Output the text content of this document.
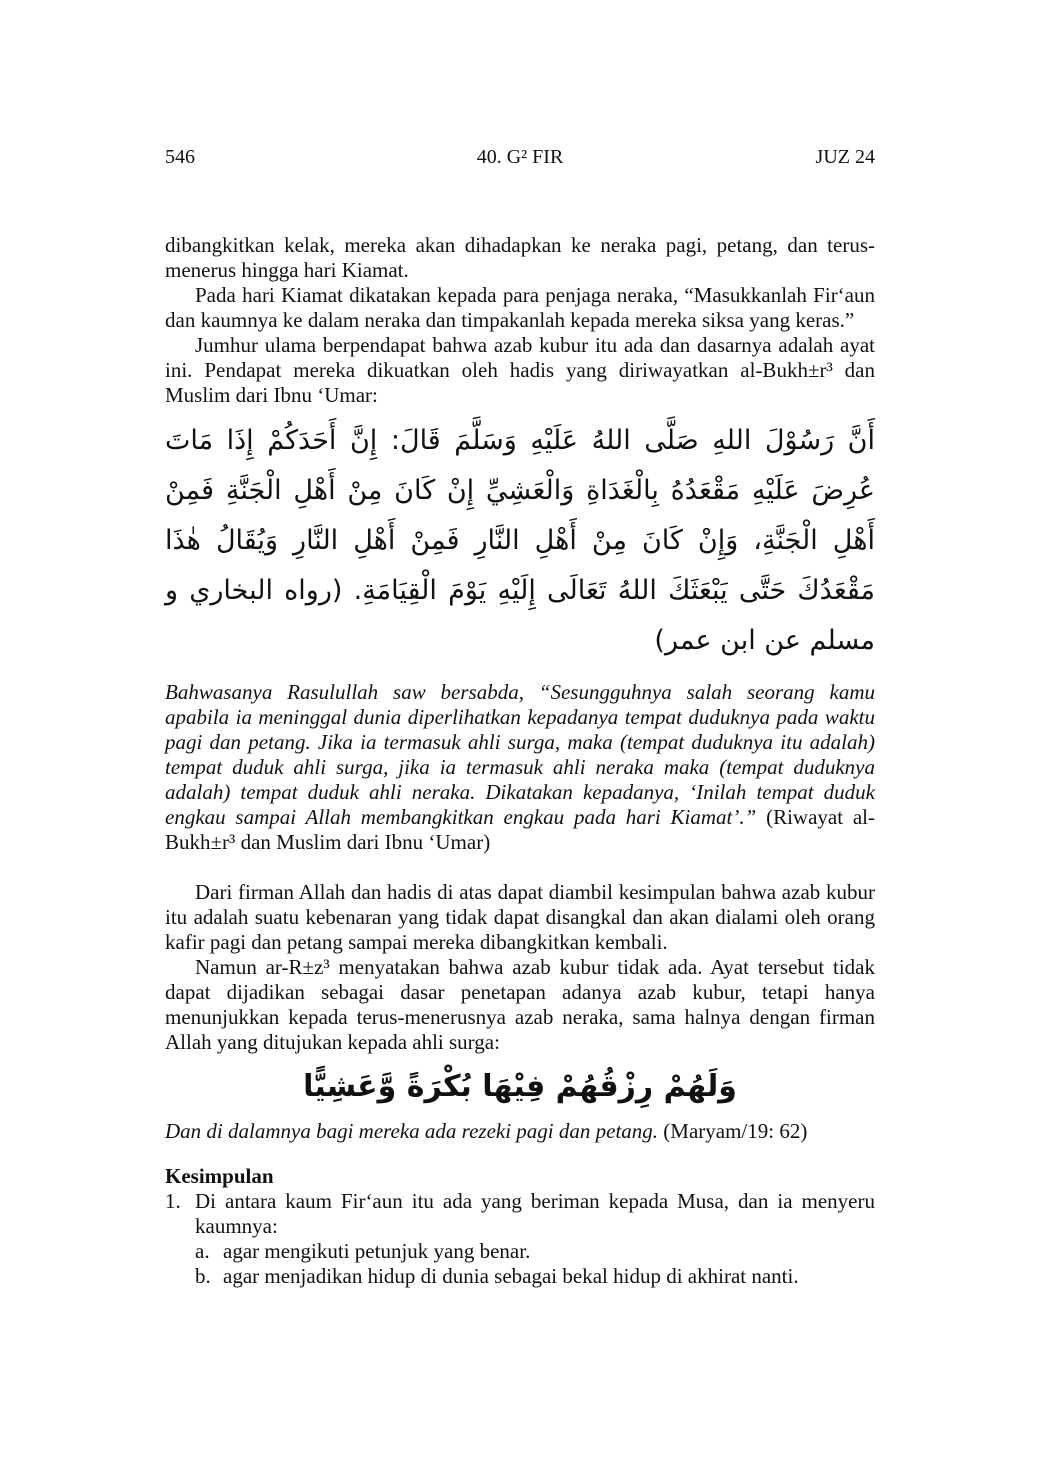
546	40. G² FIR	JUZ 24

dibangkitkan kelak, mereka akan dihadapkan ke neraka pagi, petang, dan terus-menerus hingga hari Kiamat.

Pada hari Kiamat dikatakan kepada para penjaga neraka, “Masukkanlah Fir‘aun dan kaumnya ke dalam neraka dan timpakanlah kepada mereka siksa yang keras.”

Jumhur ulama berpendapat bahwa azab kubur itu ada dan dasarnya adalah ayat ini. Pendapat mereka dikuatkan oleh hadis yang diriwayatkan al-Bukh±r³ dan Muslim dari Ibnu ‘Umar:

أَنَّ رَسُوْلَ اللهِ صَلَّى اللهُ عَلَيْهِ وَسَلَّمَ قَالَ: إِنَّ أَحَدَكُمْ إِذَا مَاتَ عُرِضَ عَلَيْهِ مَقْعَدُهُ بِالْغَدَاةِ وَالْعَشِيِّ إِنْ كَانَ مِنْ أَهْلِ الْجَنَّةِ فَمِنْ أَهْلِ الْجَنَّةِ، وَإِنْ كَانَ مِنْ أَهْلِ النَّارِ فَمِنْ أَهْلِ النَّارِ وَيُقَالُ هٰذَا مَقْعَدُكَ حَتَّى يَبْعَثَكَ اللهُ تَعَالَى إِلَيْهِ يَوْمَ الْقِيَامَةِ. (رواه البخاري و مسلم عن ابن عمر)

Bahwasanya Rasulullah saw bersabda, “Sesungguhnya salah seorang kamu apabila ia meninggal dunia diperlihatkan kepadanya tempat duduknya pada waktu pagi dan petang. Jika ia termasuk ahli surga, maka (tempat duduknya itu adalah) tempat duduk ahli surga, jika ia termasuk ahli neraka maka (tempat duduknya adalah) tempat duduk ahli neraka. Dikatakan kepadanya, ‘Inilah tempat duduk engkau sampai Allah membangkitkan engkau pada hari Kiamat’.” (Riwayat al-Bukh±r³ dan Muslim dari Ibnu ‘Umar)

Dari firman Allah dan hadis di atas dapat diambil kesimpulan bahwa azab kubur itu adalah suatu kebenaran yang tidak dapat disangkal dan akan dialami oleh orang kafir pagi dan petang sampai mereka dibangkitkan kembali.

Namun ar-R±z³ menyatakan bahwa azab kubur tidak ada. Ayat tersebut tidak dapat dijadikan sebagai dasar penetapan adanya azab kubur, tetapi hanya menunjukkan kepada terus-menerusnya azab neraka, sama halnya dengan firman Allah yang ditujukan kepada ahli surga:

وَلَهُمْ رِزْقُهُمْ فِيْهَا بُكْرَةً وَّعَشِيًّا

Dan di dalamnya bagi mereka ada rezeki pagi dan petang. (Maryam/19: 62)

Kesimpulan
1. Di antara kaum Fir‘aun itu ada yang beriman kepada Musa, dan ia menyeru kaumnya:
a. agar mengikuti petunjuk yang benar.
b. agar menjadikan hidup di dunia sebagai bekal hidup di akhirat nanti.
